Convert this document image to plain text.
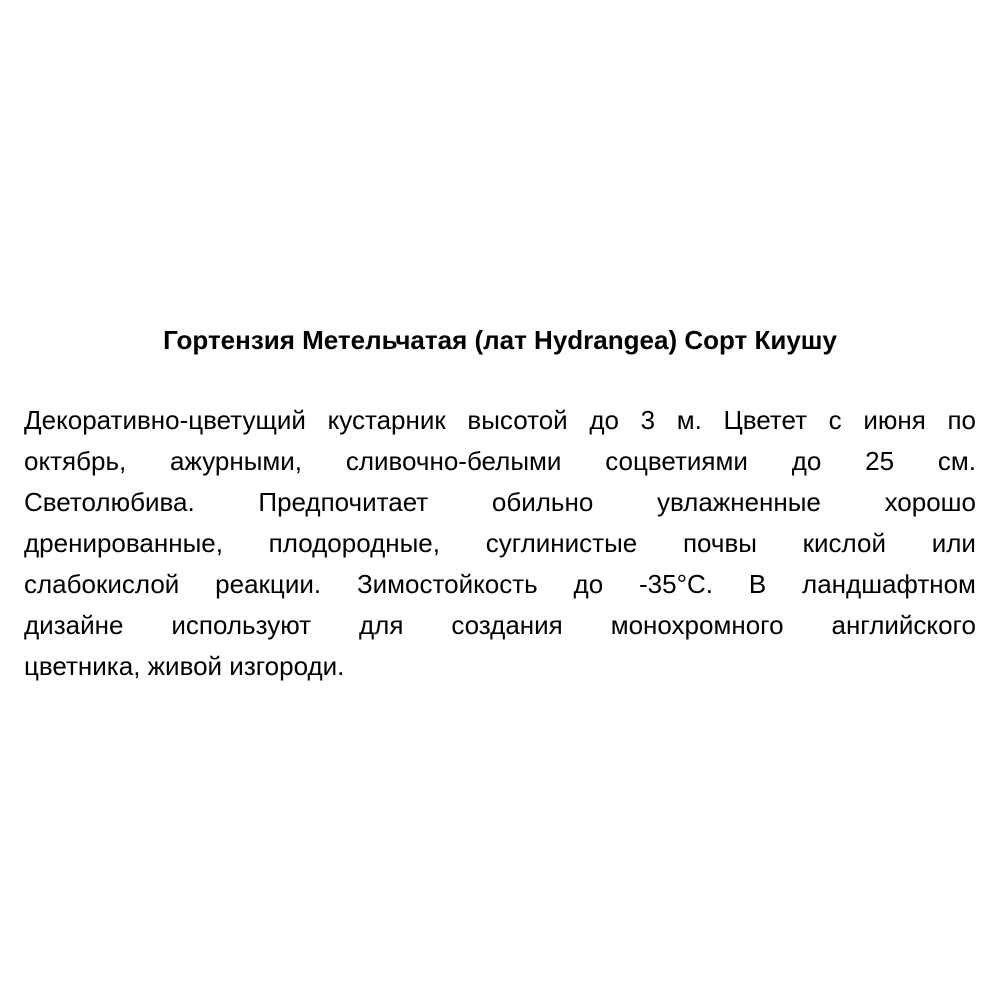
Гортензия Метельчатая (лат Hydrangea) Сорт Киушу
Декоративно-цветущий кустарник высотой до 3 м. Цветет с июня по
октябрь, ажурными, сливочно-белыми соцветиями до 25 см.
Светолюбива. Предпочитает обильно увлажненные хорошо
дренированные, плодородные, суглинистые почвы кислой или
слабокислой реакции. Зимостойкость до -35°С. В ландшафтном
дизайне используют для создания монохромного английского
цветника, живой изгороди.
